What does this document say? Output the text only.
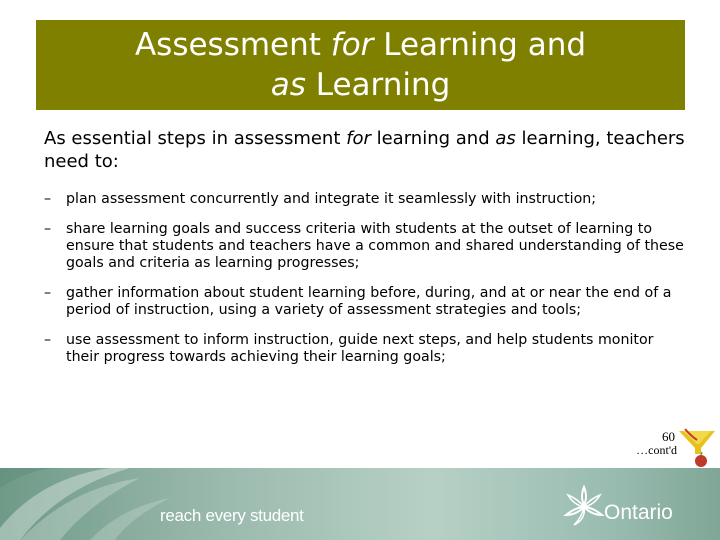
Assessment for Learning and
as Learning
As essential steps in assessment for learning and as learning, teachers need to:
– plan assessment concurrently and integrate it seamlessly with instruction;
– share learning goals and success criteria with students at the outset of learning to ensure that students and teachers have a common and shared understanding of these goals and criteria as learning progresses;
– gather information about student learning before, during, and at or near the end of a period of instruction, using a variety of assessment strategies and tools;
– use assessment to inform instruction, guide next steps, and help students monitor their progress towards achieving their learning goals;
60
…cont'd
reach every student	Ontario
